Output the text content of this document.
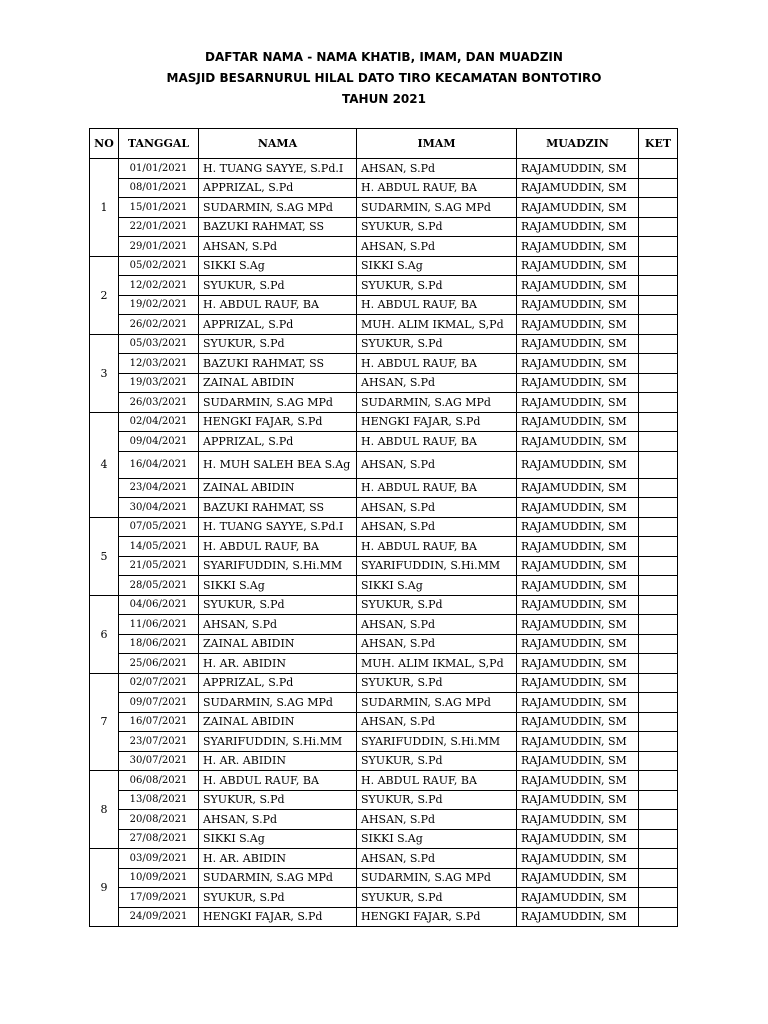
DAFTAR NAMA - NAMA KHATIB, IMAM, DAN MUADZIN
MASJID BESARNURUL HILAL DATO TIRO KECAMATAN BONTOTIRO
TAHUN 2021
NO	TANGGAL	NAMA	IMAM	MUADZIN	KET
1	01/01/2021	H. TUANG SAYYE, S.Pd.I	AHSAN, S.Pd	RAJAMUDDIN, SM	
	08/01/2021	APPRIZAL, S.Pd	H. ABDUL RAUF, BA	RAJAMUDDIN, SM	
	15/01/2021	SUDARMIN, S.AG MPd	SUDARMIN, S.AG MPd	RAJAMUDDIN, SM	
	22/01/2021	BAZUKI RAHMAT, SS	SYUKUR, S.Pd	RAJAMUDDIN, SM	
	29/01/2021	AHSAN, S.Pd	AHSAN, S.Pd	RAJAMUDDIN, SM	
2	05/02/2021	SIKKI S.Ag	SIKKI S.Ag	RAJAMUDDIN, SM	
	12/02/2021	SYUKUR, S.Pd	SYUKUR, S.Pd	RAJAMUDDIN, SM	
	19/02/2021	H. ABDUL RAUF, BA	H. ABDUL RAUF, BA	RAJAMUDDIN, SM	
	26/02/2021	APPRIZAL, S.Pd	MUH. ALIM IKMAL, S,Pd	RAJAMUDDIN, SM	
3	05/03/2021	SYUKUR, S.Pd	SYUKUR, S.Pd	RAJAMUDDIN, SM	
	12/03/2021	BAZUKI RAHMAT, SS	H. ABDUL RAUF, BA	RAJAMUDDIN, SM	
	19/03/2021	ZAINAL ABIDIN	AHSAN, S.Pd	RAJAMUDDIN, SM	
	26/03/2021	SUDARMIN, S.AG MPd	SUDARMIN, S.AG MPd	RAJAMUDDIN, SM	
4	02/04/2021	HENGKI FAJAR, S.Pd	HENGKI FAJAR, S.Pd	RAJAMUDDIN, SM	
	09/04/2021	APPRIZAL, S.Pd	H. ABDUL RAUF, BA	RAJAMUDDIN, SM	
	16/04/2021	H. MUH SALEH BEA S.Ag	AHSAN, S.Pd	RAJAMUDDIN, SM	
	23/04/2021	ZAINAL ABIDIN	H. ABDUL RAUF, BA	RAJAMUDDIN, SM	
	30/04/2021	BAZUKI RAHMAT, SS	AHSAN, S.Pd	RAJAMUDDIN, SM	
5	07/05/2021	H. TUANG SAYYE, S.Pd.I	AHSAN, S.Pd	RAJAMUDDIN, SM	
	14/05/2021	H. ABDUL RAUF, BA	H. ABDUL RAUF, BA	RAJAMUDDIN, SM	
	21/05/2021	SYARIFUDDIN, S.Hi.MM	SYARIFUDDIN, S.Hi.MM	RAJAMUDDIN, SM	
	28/05/2021	SIKKI S.Ag	SIKKI S.Ag	RAJAMUDDIN, SM	
6	04/06/2021	SYUKUR, S.Pd	SYUKUR, S.Pd	RAJAMUDDIN, SM	
	11/06/2021	AHSAN, S.Pd	AHSAN, S.Pd	RAJAMUDDIN, SM	
	18/06/2021	ZAINAL ABIDIN	AHSAN, S.Pd	RAJAMUDDIN, SM	
	25/06/2021	H. AR. ABIDIN	MUH. ALIM IKMAL, S,Pd	RAJAMUDDIN, SM	
7	02/07/2021	APPRIZAL, S.Pd	SYUKUR, S.Pd	RAJAMUDDIN, SM	
	09/07/2021	SUDARMIN, S.AG MPd	SUDARMIN, S.AG MPd	RAJAMUDDIN, SM	
	16/07/2021	ZAINAL ABIDIN	AHSAN, S.Pd	RAJAMUDDIN, SM	
	23/07/2021	SYARIFUDDIN, S.Hi.MM	SYARIFUDDIN, S.Hi.MM	RAJAMUDDIN, SM	
	30/07/2021	H. AR. ABIDIN	SYUKUR, S.Pd	RAJAMUDDIN, SM	
8	06/08/2021	H. ABDUL RAUF, BA	H. ABDUL RAUF, BA	RAJAMUDDIN, SM	
	13/08/2021	SYUKUR, S.Pd	SYUKUR, S.Pd	RAJAMUDDIN, SM	
	20/08/2021	AHSAN, S.Pd	AHSAN, S.Pd	RAJAMUDDIN, SM	
	27/08/2021	SIKKI S.Ag	SIKKI S.Ag	RAJAMUDDIN, SM	
9	03/09/2021	H. AR. ABIDIN	AHSAN, S.Pd	RAJAMUDDIN, SM	
	10/09/2021	SUDARMIN, S.AG MPd	SUDARMIN, S.AG MPd	RAJAMUDDIN, SM	
	17/09/2021	SYUKUR, S.Pd	SYUKUR, S.Pd	RAJAMUDDIN, SM	
	24/09/2021	HENGKI FAJAR, S.Pd	HENGKI FAJAR, S.Pd	RAJAMUDDIN, SM	
